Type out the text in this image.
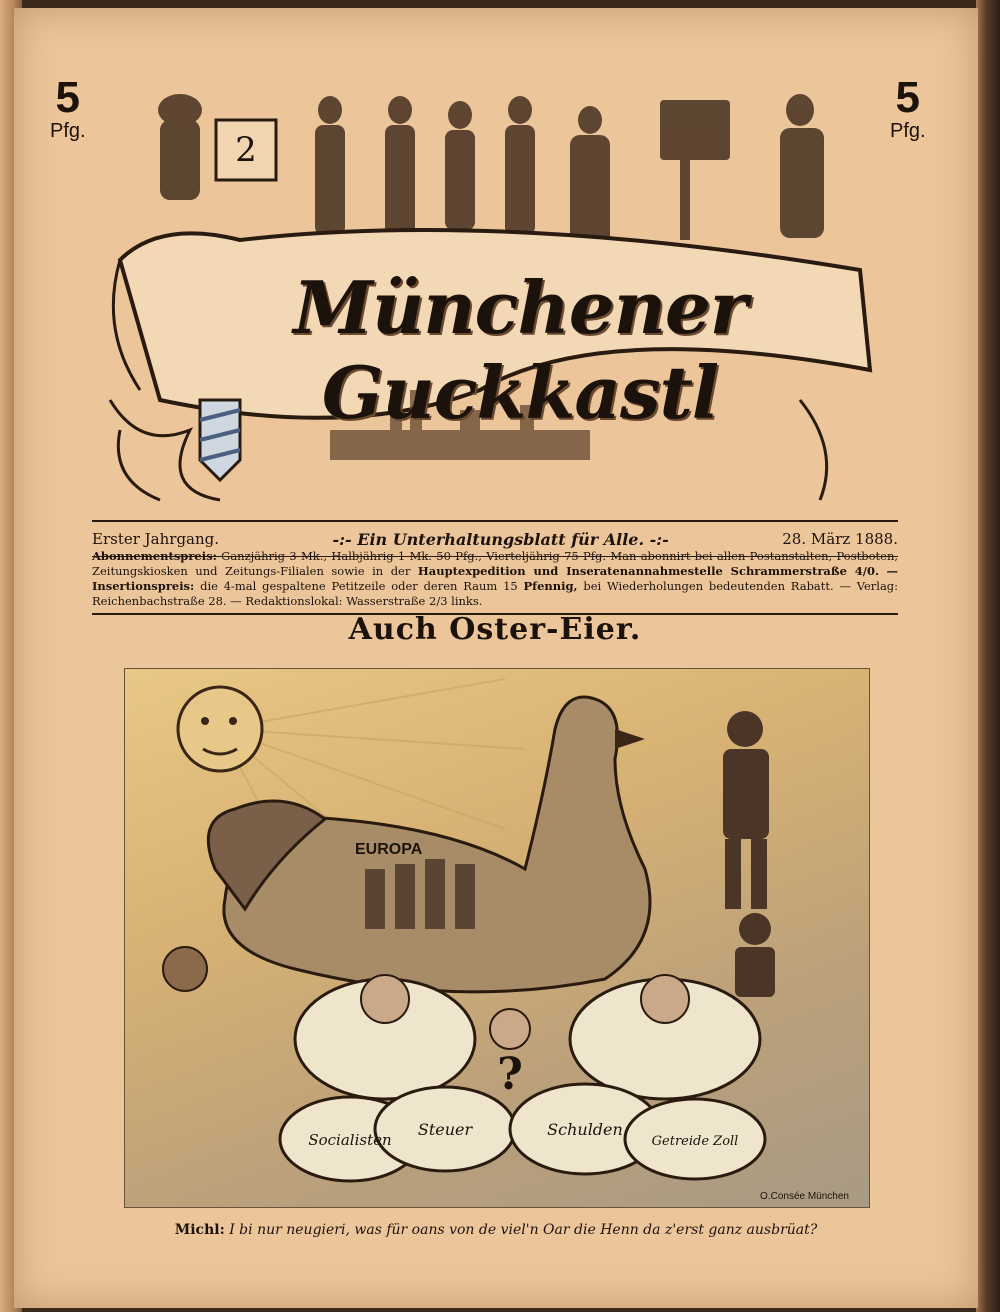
5
Pfg.
5
Pfg.
2
Münchener Guckkastl
Erster Jahrgang.	-:- Ein Unterhaltungsblatt für Alle. -:-	28. März 1888.
Abonnementspreis: Ganzjährig 3 Mk., Halbjährig 1 Mk. 50 Pfg., Vierteljährig 75 Pfg. Man abonnirt bei allen Postanstalten, Postboten, Zeitungskiosken und Zeitungs-Filialen sowie in der Hauptexpedition und Inseratenannahmestelle Schrammerstraße 4/0. — Insertionspreis: die 4-mal gespaltene Petitzeile oder deren Raum 15 Pfennig, bei Wiederholungen bedeutenden Rabatt. — Verlag: Reichenbachstraße 28. — Redaktionslokal: Wasserstraße 2/3 links.
Auch Oster-Eier.
EUROPA
?
Socialisten
Steuer	Schulden
Getreide Zoll
O.Consée München
Michl: I bi nur neugieri, was für oans von de viel'n Oar die Henn da z'erst ganz ausbrüat?
